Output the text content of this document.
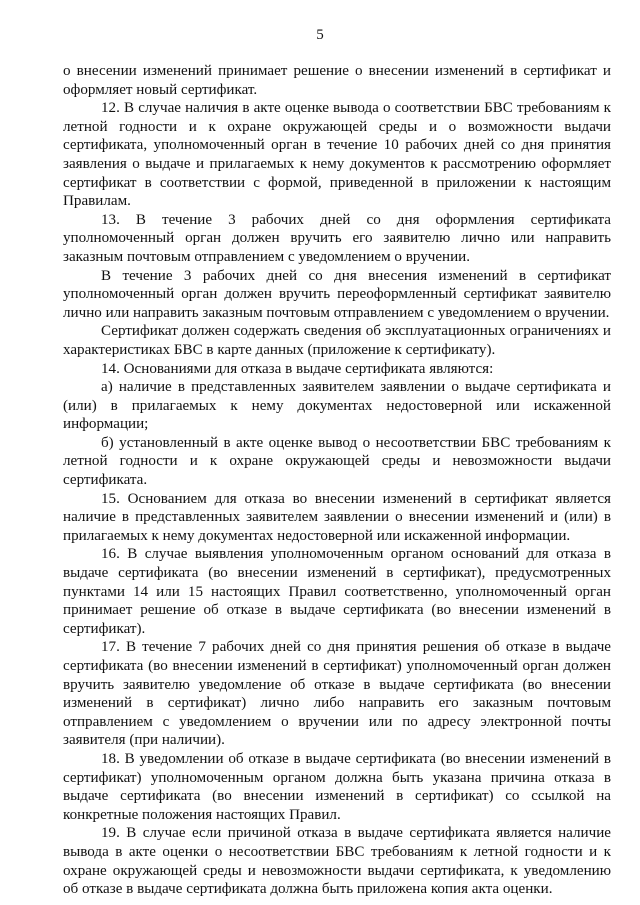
5

о внесении изменений принимает решение о внесении изменений в сертификат и оформляет новый сертификат.

12. В случае наличия в акте оценке вывода о соответствии БВС требованиям к летной годности и к охране окружающей среды и о возможности выдачи сертификата, уполномоченный орган в течение 10 рабочих дней со дня принятия заявления о выдаче и прилагаемых к нему документов к рассмотрению оформляет сертификат в соответствии с формой, приведенной в приложении к настоящим Правилам.

13. В течение 3 рабочих дней со дня оформления сертификата уполномоченный орган должен вручить его заявителю лично или направить заказным почтовым отправлением с уведомлением о вручении.

В течение 3 рабочих дней со дня внесения изменений в сертификат уполномоченный орган должен вручить переоформленный сертификат заявителю лично или направить заказным почтовым отправлением с уведомлением о вручении.

Сертификат должен содержать сведения об эксплуатационных ограничениях и характеристиках БВС в карте данных (приложение к сертификату).

14. Основаниями для отказа в выдаче сертификата являются:

а) наличие в представленных заявителем заявлении о выдаче сертификата и (или) в прилагаемых к нему документах недостоверной или искаженной информации;

б) установленный в акте оценке вывод о несоответствии БВС требованиям к летной годности и к охране окружающей среды и невозможности выдачи сертификата.

15. Основанием для отказа во внесении изменений в сертификат является наличие в представленных заявителем заявлении о внесении изменений и (или) в прилагаемых к нему документах недостоверной или искаженной информации.

16. В случае выявления уполномоченным органом оснований для отказа в выдаче сертификата (во внесении изменений в сертификат), предусмотренных пунктами 14 или 15 настоящих Правил соответственно, уполномоченный орган принимает решение об отказе в выдаче сертификата (во внесении изменений в сертификат).

17. В течение 7 рабочих дней со дня принятия решения об отказе в выдаче сертификата (во внесении изменений в сертификат) уполномоченный орган должен вручить заявителю уведомление об отказе в выдаче сертификата (во внесении изменений в сертификат) лично либо направить его заказным почтовым отправлением с уведомлением о вручении или по адресу электронной почты заявителя (при наличии).

18. В уведомлении об отказе в выдаче сертификата (во внесении изменений в сертификат) уполномоченным органом должна быть указана причина отказа в выдаче сертификата (во внесении изменений в сертификат) со ссылкой на конкретные положения настоящих Правил.

19. В случае если причиной отказа в выдаче сертификата является наличие вывода в акте оценки о несоответствии БВС требованиям к летной годности и к охране окружающей среды и невозможности выдачи сертификата, к уведомлению об отказе в выдаче сертификата должна быть приложена копия акта оценки.
